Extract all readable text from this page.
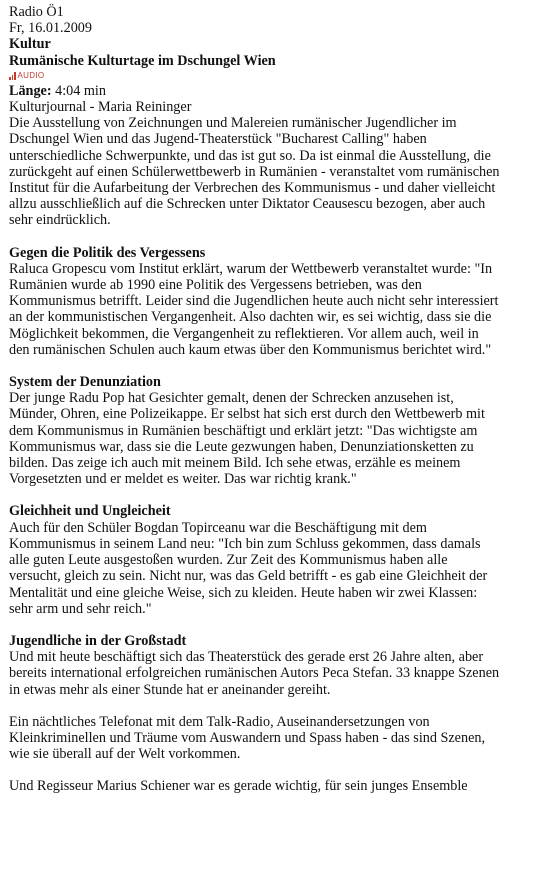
Radio Ö1
Fr, 16.01.2009
Kultur
Rumänische Kulturtage im Dschungel Wien
AUDIO
Länge: 4:04 min
Kulturjournal - Maria Reininger
Die Ausstellung von Zeichnungen und Malereien rumänischer Jugendlicher im
Dschungel Wien und das Jugend-Theaterstück "Bucharest Calling" haben
unterschiedliche Schwerpunkte, und das ist gut so. Da ist einmal die Ausstellung, die
zurückgeht auf einen Schülerwettbewerb in Rumänien - veranstaltet vom rumänischen
Institut für die Aufarbeitung der Verbrechen des Kommunismus - und daher vielleicht
allzu ausschließlich auf die Schrecken unter Diktator Ceausescu bezogen, aber auch
sehr eindrücklich.
Gegen die Politik des Vergessens
Raluca Gropescu vom Institut erklärt, warum der Wettbewerb veranstaltet wurde: "In
Rumänien wurde ab 1990 eine Politik des Vergessens betrieben, was den
Kommunismus betrifft. Leider sind die Jugendlichen heute auch nicht sehr interessiert
an der kommunistischen Vergangenheit. Also dachten wir, es sei wichtig, dass sie die
Möglichkeit bekommen, die Vergangenheit zu reflektieren. Vor allem auch, weil in
den rumänischen Schulen auch kaum etwas über den Kommunismus berichtet wird."
System der Denunziation
Der junge Radu Pop hat Gesichter gemalt, denen der Schrecken anzusehen ist,
Münder, Ohren, eine Polizeikappe. Er selbst hat sich erst durch den Wettbewerb mit
dem Kommunismus in Rumänien beschäftigt und erklärt jetzt: "Das wichtigste am
Kommunismus war, dass sie die Leute gezwungen haben, Denunziationsketten zu
bilden. Das zeige ich auch mit meinem Bild. Ich sehe etwas, erzähle es meinem
Vorgesetzten und er meldet es weiter. Das war richtig krank."
Gleichheit und Ungleicheit
Auch für den Schüler Bogdan Topirceanu war die Beschäftigung mit dem
Kommunismus in seinem Land neu: "Ich bin zum Schluss gekommen, dass damals
alle guten Leute ausgestoßen wurden. Zur Zeit des Kommunismus haben alle
versucht, gleich zu sein. Nicht nur, was das Geld betrifft - es gab eine Gleichheit der
Mentalität und eine gleiche Weise, sich zu kleiden. Heute haben wir zwei Klassen:
sehr arm und sehr reich."
Jugendliche in der Großstadt
Und mit heute beschäftigt sich das Theaterstück des gerade erst 26 Jahre alten, aber
bereits international erfolgreichen rumänischen Autors Peca Stefan. 33 knappe Szenen
in etwas mehr als einer Stunde hat er aneinander gereiht.
Ein nächtliches Telefonat mit dem Talk-Radio, Auseinandersetzungen von
Kleinkriminellen und Träume vom Auswandern und Spass haben - das sind Szenen,
wie sie überall auf der Welt vorkommen.
Und Regisseur Marius Schiener war es gerade wichtig, für sein junges Ensemble
